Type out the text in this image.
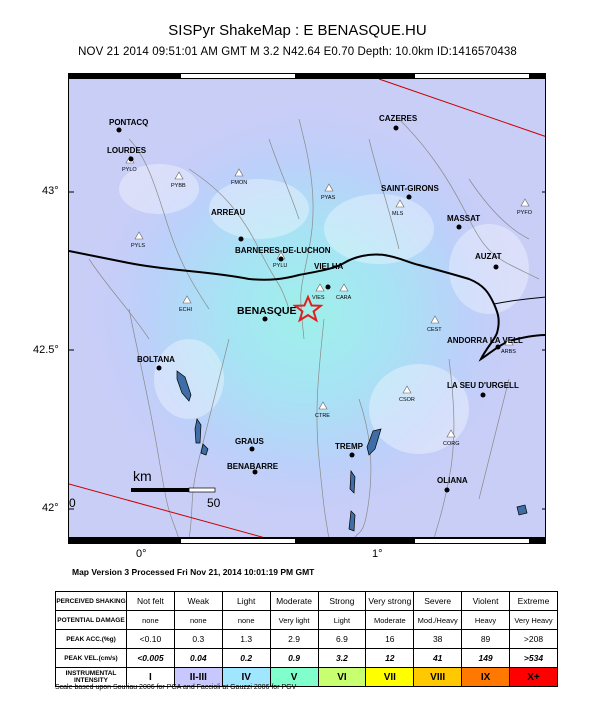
SISPyr ShakeMap : E BENASQUE.HU
NOV 21 2014 09:51:01 AM GMT M 3.2 N42.64 E0.70 Depth: 10.0km ID:1416570438
PYLO
PYBB	FMON
PYAS
PYLS
MLS	PYFO
PYLU
VIES CARA
ECHI
CEST
ARBS
CSOR
CTRE
CORG
PONTACQ
LOURDES
CAZERES
SAINT-GIRONS
ARREAU
MASSAT
BARNERES-DE-LUCHON
AUZAT
VIELHA
BENASQUE
ANDORRA LA VELL
BOLTANA
LA SEU D'URGELL
GRAUS
TREMP
BENABARRE
OLIANA
km
0	50
43°
42.5°
42°
0°	1°
Map Version 3 Processed Fri Nov 21, 2014 10:01:19 PM GMT
PERCEIVED SHAKING	Not felt	Weak	Light	Moderate	Strong	Very strong	Severe	Violent	Extreme
POTENTIAL DAMAGE	none	none	none	Very light	Light	Moderate	Mod./Heavy	Heavy	Very Heavy
PEAK ACC.(%g)	<0.10	0.3	1.3	2.9	6.9	16	38	89	>208
PEAK VEL.(cm/s)	<0.005	0.04	0.2	0.9	3.2	12	41	149	>534
INSTRUMENTAL INTENSITY	I	II-III	IV	V	VI	VII	VIII	IX	X+
Scale based upon Souriau 2006 for PGA and Faccioli at Gauzzi 2006 for PGV
